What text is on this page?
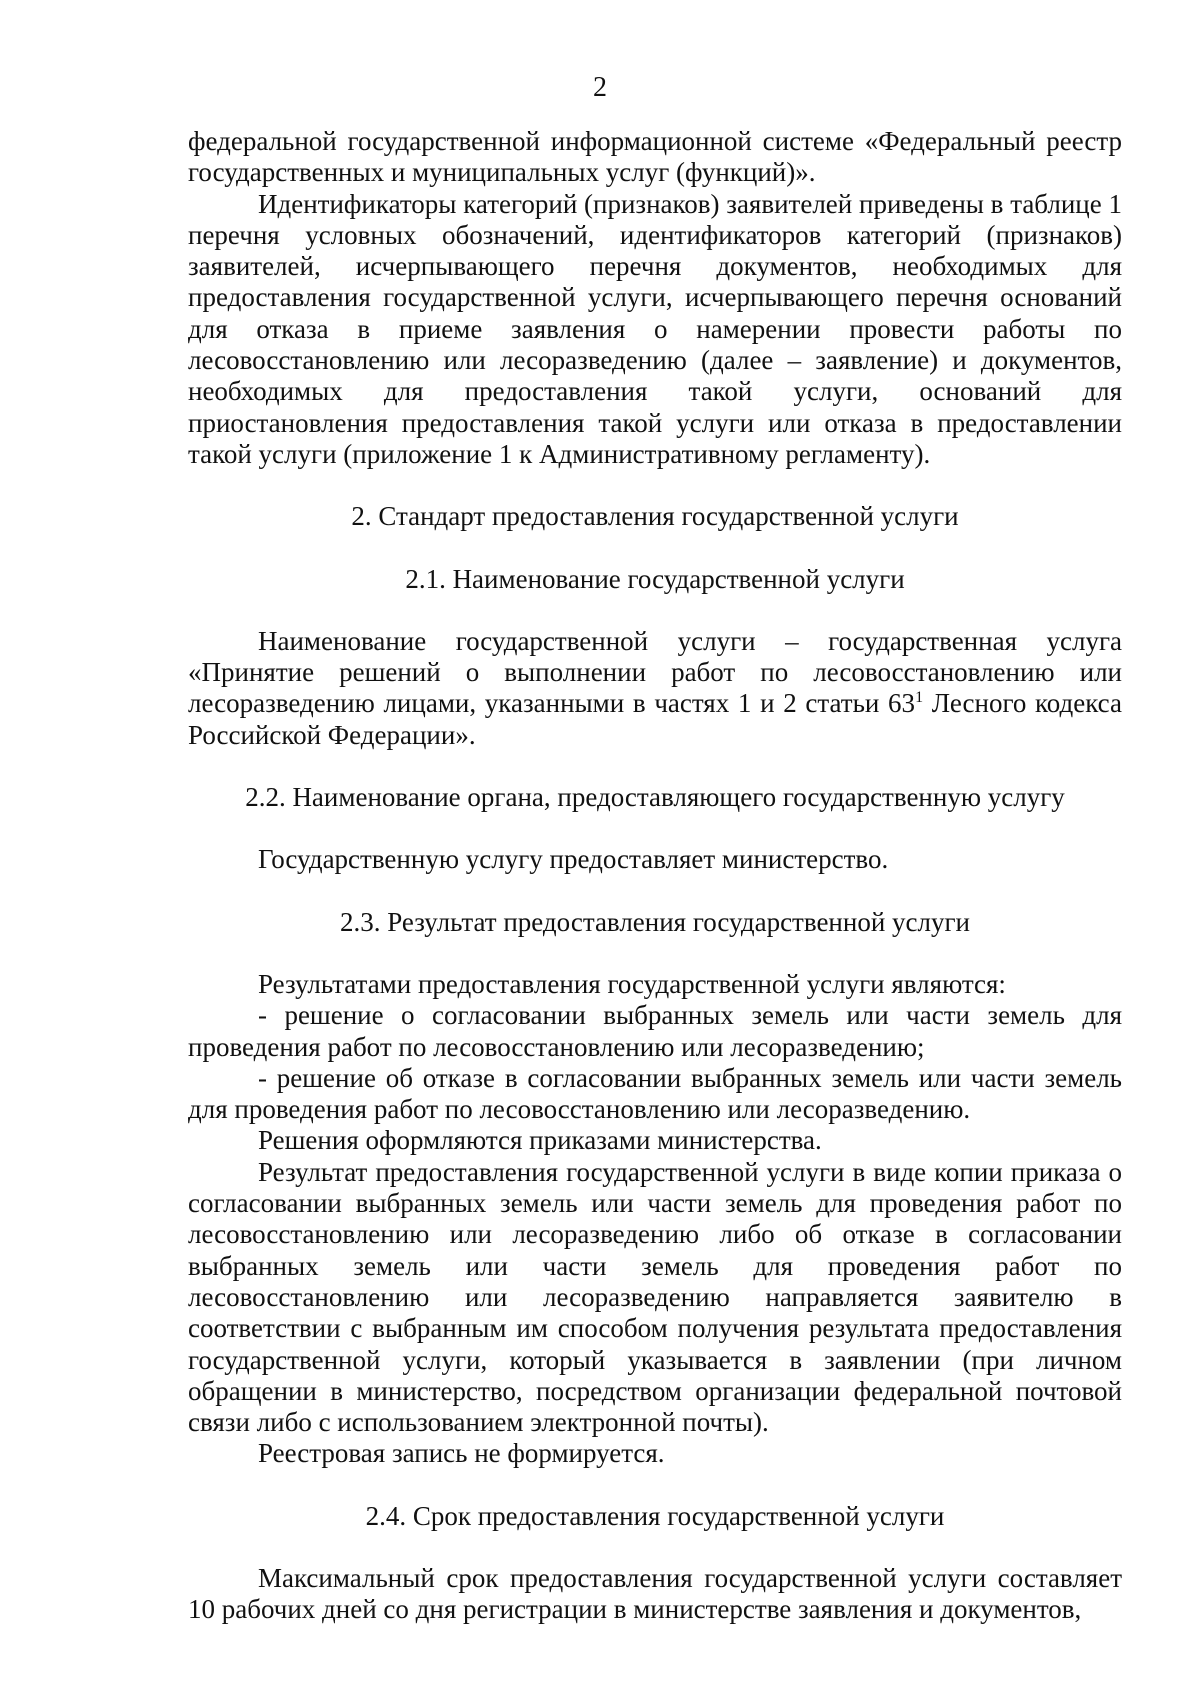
2

федеральной государственной информационной системе «Федеральный реестр государственных и муниципальных услуг (функций)».

Идентификаторы категорий (признаков) заявителей приведены в таблице 1 перечня условных обозначений, идентификаторов категорий (признаков) заявителей, исчерпывающего перечня документов, необходимых для предоставления государственной услуги, исчерпывающего перечня оснований для отказа в приеме заявления о намерении провести работы по лесовосстановлению или лесоразведению (далее – заявление) и документов, необходимых для предоставления такой услуги, оснований для приостановления предоставления такой услуги или отказа в предоставлении такой услуги (приложение 1 к Административному регламенту).

2. Стандарт предоставления государственной услуги

2.1. Наименование государственной услуги

Наименование государственной услуги – государственная услуга «Принятие решений о выполнении работ по лесовосстановлению или лесоразведению лицами, указанными в частях 1 и 2 статьи $63^1$ Лесного кодекса Российской Федерации».

2.2. Наименование органа, предоставляющего государственную услугу

Государственную услугу предоставляет министерство.

2.3. Результат предоставления государственной услуги

Результатами предоставления государственной услуги являются:

- решение о согласовании выбранных земель или части земель для проведения работ по лесовосстановлению или лесоразведению;

- решение об отказе в согласовании выбранных земель или части земель для проведения работ по лесовосстановлению или лесоразведению.

Решения оформляются приказами министерства.

Результат предоставления государственной услуги в виде копии приказа о согласовании выбранных земель или части земель для проведения работ по лесовосстановлению или лесоразведению либо об отказе в согласовании выбранных земель или части земель для проведения работ по лесовосстановлению или лесоразведению направляется заявителю в соответствии с выбранным им способом получения результата предоставления государственной услуги, который указывается в заявлении (при личном обращении в министерство, посредством организации федеральной почтовой связи либо с использованием электронной почты).

Реестровая запись не формируется.

2.4. Срок предоставления государственной услуги

Максимальный срок предоставления государственной услуги составляет 10 рабочих дней со дня регистрации в министерстве заявления и документов,
